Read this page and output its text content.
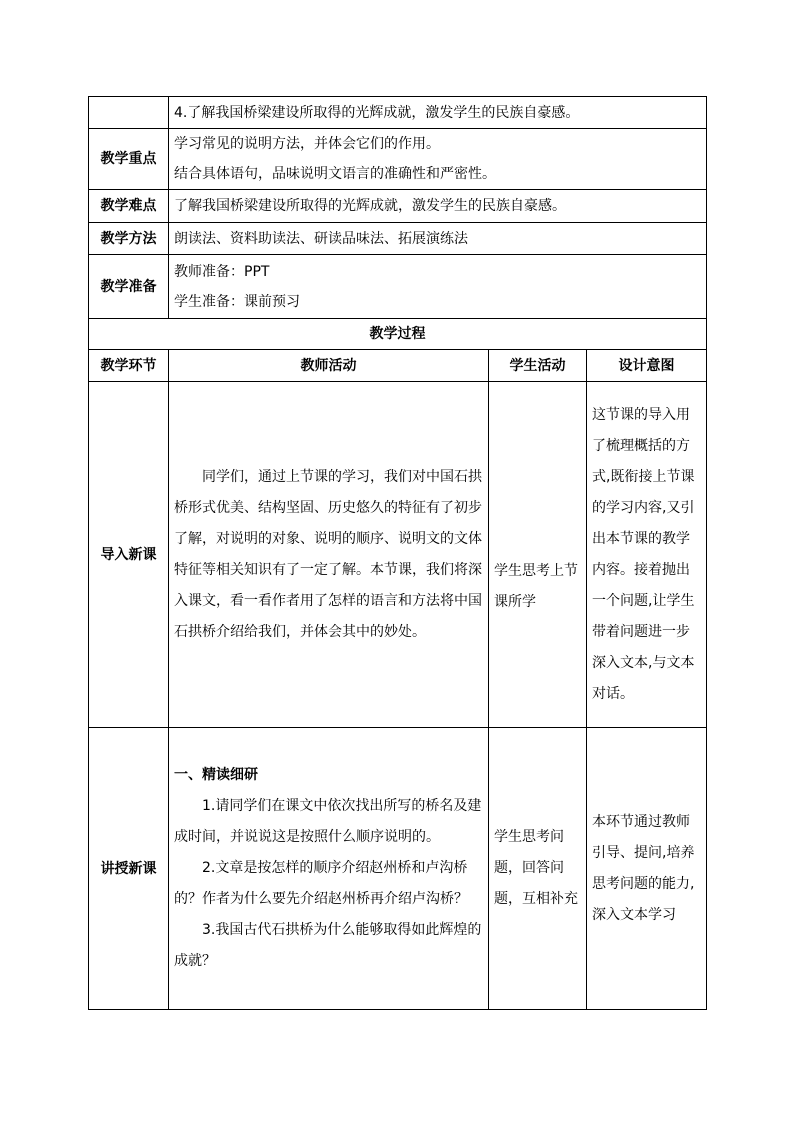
	4.了解我国桥梁建设所取得的光辉成就，激发学生的民族自豪感。		
教学重点	学习常见的说明方法，并体会它们的作用。
结合具体语句，品味说明文语言的准确性和严密性。		

教学难点	了解我国桥梁建设所取得的光辉成就，激发学生的民族自豪感。		
教学方法	朗读法、资料助读法、研读品味法、拓展演练法		
教学准备	教师准备：PPT
学生准备：课前预习		

教学过程			
教学环节	教师活动	学生活动	设计意图
导入新课	同学们，通过上节课的学习，我们对中国石拱桥形式优美、结构坚固、历史悠久的特征有了初步了解，对说明的对象、说明的顺序、说明文的文体特征等相关知识有了一定了解。本节课，我们将深入课文，看一看作者用了怎样的语言和方法将中国石拱桥介绍给我们，并体会其中的妙处。	学生思考上节课所学	这节课的导入用了梳理概括的方式,既衔接上节课的学习内容,又引出本节课的教学内容。接着抛出一个问题,让学生带着问题进一步深入文本,与文本对话。

讲授新课	一、精读细研
1.请同学们在课文中依次找出所写的桥名及建成时间，并说说这是按照什么顺序说明的。
2.文章是按怎样的顺序介绍赵州桥和卢沟桥的？作者为什么要先介绍赵州桥再介绍卢沟桥？
3.我国古代石拱桥为什么能够取得如此辉煌的成就？	学生思考问题，回答问题，互相补充	本环节通过教师引导、提问,培养思考问题的能力,深入文本学习
